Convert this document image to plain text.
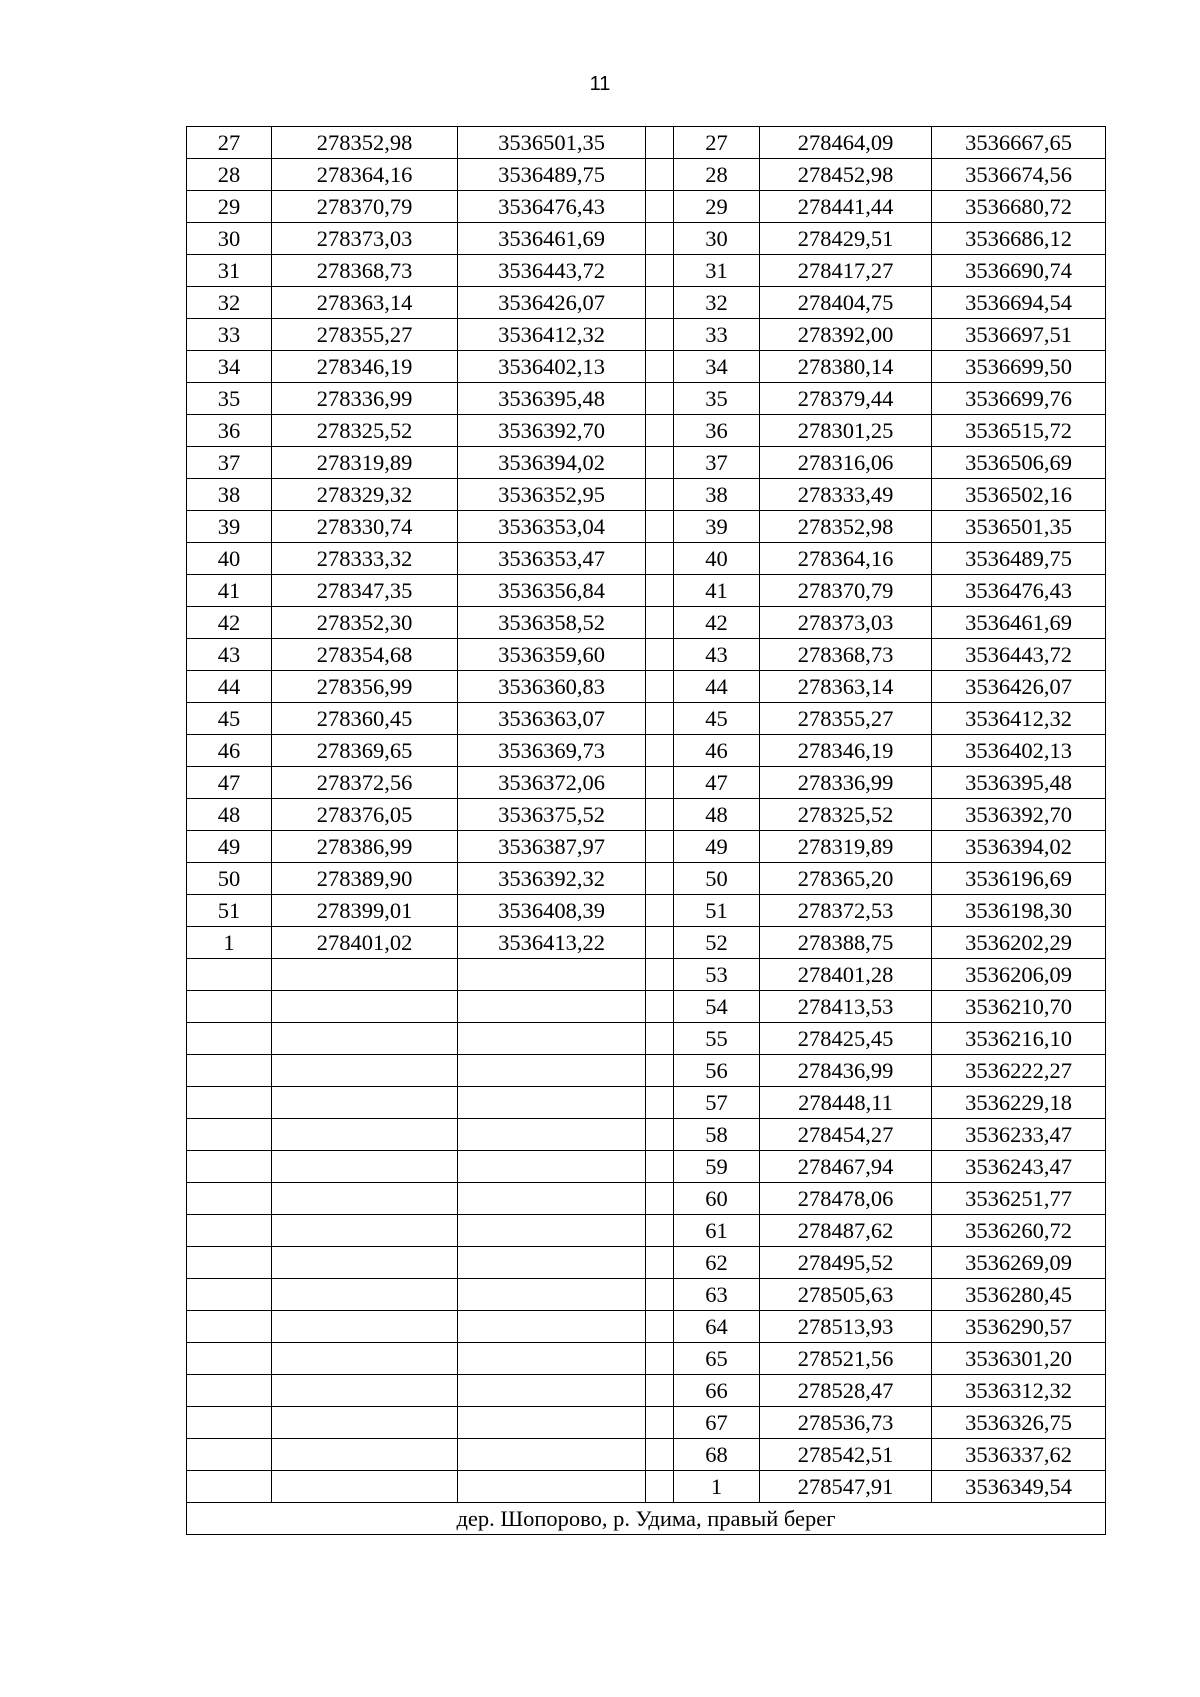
11
27	278352,98	3536501,35		27	278464,09	3536667,65
28	278364,16	3536489,75		28	278452,98	3536674,56
29	278370,79	3536476,43		29	278441,44	3536680,72
30	278373,03	3536461,69		30	278429,51	3536686,12
31	278368,73	3536443,72		31	278417,27	3536690,74
32	278363,14	3536426,07		32	278404,75	3536694,54
33	278355,27	3536412,32		33	278392,00	3536697,51
34	278346,19	3536402,13		34	278380,14	3536699,50
35	278336,99	3536395,48		35	278379,44	3536699,76
36	278325,52	3536392,70		36	278301,25	3536515,72
37	278319,89	3536394,02		37	278316,06	3536506,69
38	278329,32	3536352,95		38	278333,49	3536502,16
39	278330,74	3536353,04		39	278352,98	3536501,35
40	278333,32	3536353,47		40	278364,16	3536489,75
41	278347,35	3536356,84		41	278370,79	3536476,43
42	278352,30	3536358,52		42	278373,03	3536461,69
43	278354,68	3536359,60		43	278368,73	3536443,72
44	278356,99	3536360,83		44	278363,14	3536426,07
45	278360,45	3536363,07		45	278355,27	3536412,32
46	278369,65	3536369,73		46	278346,19	3536402,13
47	278372,56	3536372,06		47	278336,99	3536395,48
48	278376,05	3536375,52		48	278325,52	3536392,70
49	278386,99	3536387,97		49	278319,89	3536394,02
50	278389,90	3536392,32		50	278365,20	3536196,69
51	278399,01	3536408,39		51	278372,53	3536198,30
1	278401,02	3536413,22		52	278388,75	3536202,29
				53	278401,28	3536206,09
				54	278413,53	3536210,70
				55	278425,45	3536216,10
				56	278436,99	3536222,27
				57	278448,11	3536229,18
				58	278454,27	3536233,47
				59	278467,94	3536243,47
				60	278478,06	3536251,77
				61	278487,62	3536260,72
				62	278495,52	3536269,09
				63	278505,63	3536280,45
				64	278513,93	3536290,57
				65	278521,56	3536301,20
				66	278528,47	3536312,32
				67	278536,73	3536326,75
				68	278542,51	3536337,62
				1	278547,91	3536349,54
дер. Шопорово, р. Удима, правый берег						
